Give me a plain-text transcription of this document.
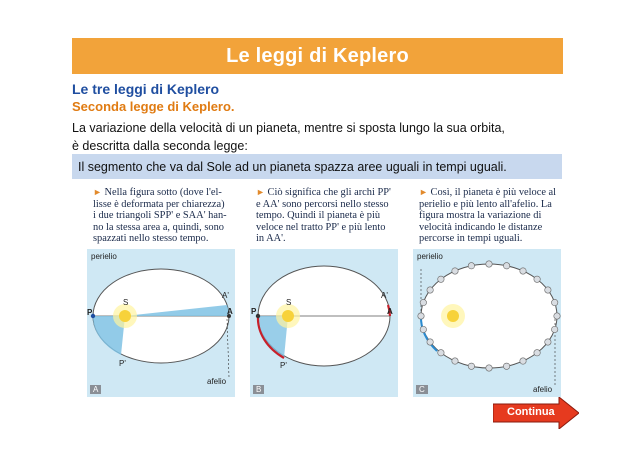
Le leggi di Keplero
Le tre leggi di Keplero
Seconda legge di Keplero.
La variazione della velocità di un pianeta, mentre si sposta lungo la sua orbita,
è descritta dalla seconda legge:
Il segmento che va dal Sole ad un pianeta spazza aree uguali in tempi uguali.
► Nella figura sotto (dove l'el-
lisse è deformata per chiarezza)
i due triangoli SPP' e SAA' han-
no la stessa area a, quindi, sono
spazzati nello stesso tempo.
perielio
S
P	A
A'
P'
afelio
A
► Ciò significa che gli archi PP'
e AA' sono percorsi nello stesso
tempo. Quindi il pianeta è più
veloce nel tratto PP' e più lento
in AA'.
S
P	A
A'
P'
B
► Così, il pianeta è più veloce al
perielio e più lento all'afelio. La
figura mostra la variazione di
velocità indicando le distanze
percorse in tempi uguali.
perielio
afelio
C
Continua
